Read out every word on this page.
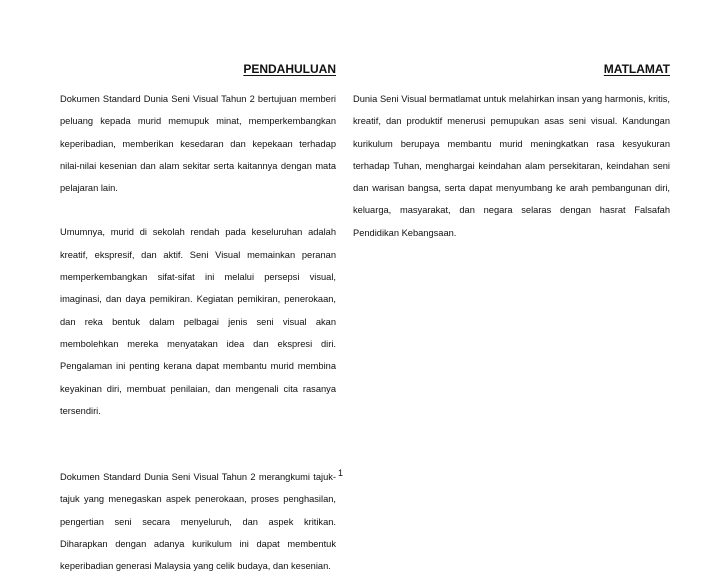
PENDAHULUAN

Dokumen Standard Dunia Seni Visual Tahun 2 bertujuan memberi peluang kepada murid memupuk minat, memperkembangkan keperibadian, memberikan kesedaran dan kepekaan terhadap nilai-nilai kesenian dan alam sekitar serta kaitannya dengan mata pelajaran lain.

Umumnya, murid di sekolah rendah pada keseluruhan adalah kreatif, ekspresif, dan aktif. Seni Visual memainkan peranan memperkembangkan sifat-sifat ini melalui persepsi visual, imaginasi, dan daya pemikiran. Kegiatan pemikiran, penerokaan, dan reka bentuk dalam pelbagai jenis seni visual akan membolehkan mereka menyatakan idea dan ekspresi diri. Pengalaman ini penting kerana dapat membantu murid membina keyakinan diri, membuat penilaian, dan mengenali cita rasanya tersendiri.

Dokumen Standard Dunia Seni Visual Tahun 2 merangkumi tajuk-tajuk yang menegaskan aspek penerokaan, proses penghasilan, pengertian seni secara menyeluruh, dan aspek kritikan. Diharapkan dengan adanya kurikulum ini dapat membentuk keperibadian generasi Malaysia yang celik budaya, dan kesenian.

MATLAMAT

Dunia Seni Visual bermatlamat untuk melahirkan insan yang harmonis, kritis, kreatif, dan produktif menerusi pemupukan asas seni visual. Kandungan kurikulum berupaya membantu murid meningkatkan rasa kesyukuran terhadap Tuhan, menghargai keindahan alam persekitaran, keindahan seni dan warisan bangsa, serta dapat menyumbang ke arah pembangunan diri, keluarga, masyarakat, dan negara selaras dengan hasrat Falsafah Pendidikan Kebangsaan.

1
